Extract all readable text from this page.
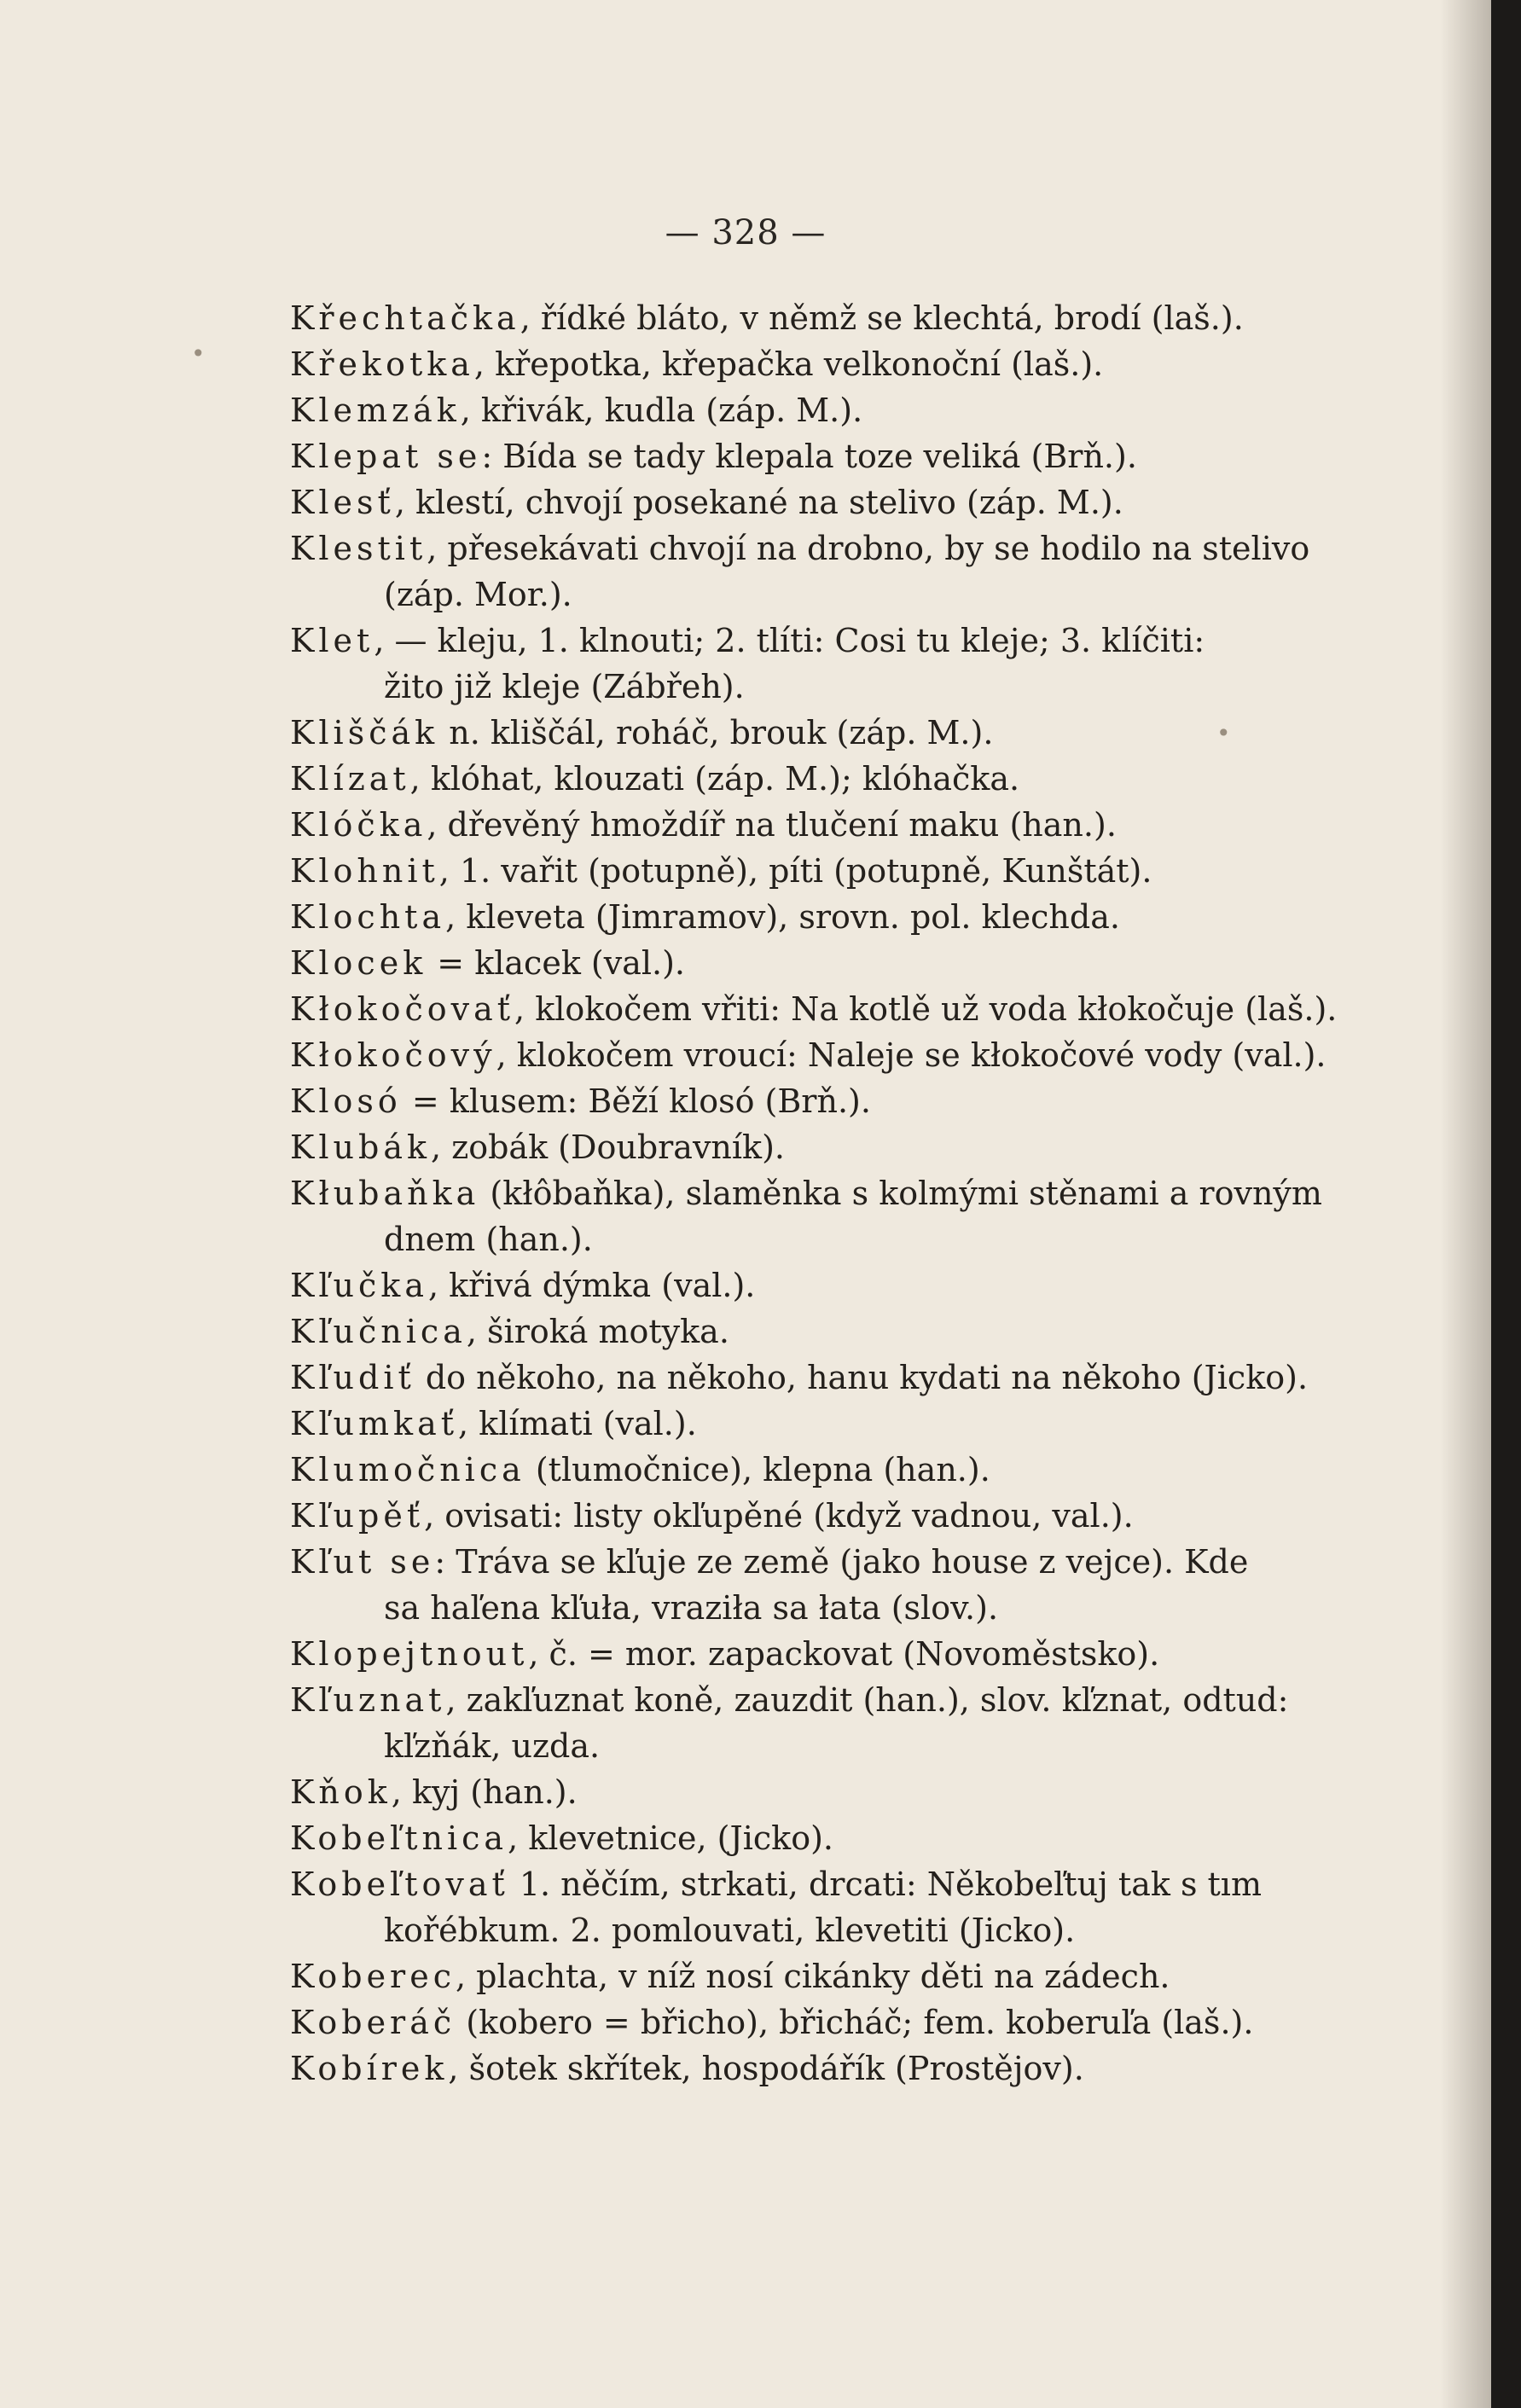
— 328 —
Křechtačka, řídké bláto, v němž se klechtá, brodí (laš.).
Křekotka, křepotka, křepačka velkonoční (laš.).
Klemzák, křivák, kudla (záp. M.).
Klepat se: Bída se tady klepala toze veliká (Brň.).
Klesť, klestí, chvojí posekané na stelivo (záp. M.).
Klestit, přesekávati chvojí na drobno, by se hodilo na stelivo
(záp. Mor.).
Klet, — kleju, 1. klnouti; 2. tlíti: Cosi tu kleje; 3. klíčiti:
žito již kleje (Zábřeh).
Kliščák n. kliščál, roháč, brouk (záp. M.).
Klízat, klóhat, klouzati (záp. M.); klóhačka.
Klóčka, dřevěný hmoždíř na tlučení maku (han.).
Klohnit, 1. vařit (potupně), píti (potupně, Kunštát).
Klochta, kleveta (Jimramov), srovn. pol. klechda.
Klocek = klacek (val.).
Kłokočovať, klokočem vřiti: Na kotlě už voda kłokočuje (laš.).
Kłokočový, klokočem vroucí: Naleje se kłokočové vody (val.).
Klosó = klusem: Běží klosó (Brň.).
Klubák, zobák (Doubravník).
Kłubaňka (kłôbaňka), slaměnka s kolmými stěnami a rovným
dnem (han.).
Kľučka, křivá dýmka (val.).
Kľučnica, široká motyka.
Kľudiť do někoho, na někoho, hanu kydati na někoho (Jicko).
Kľumkať, klímati (val.).
Klumočnica (tlumočnice), klepna (han.).
Kľupěť, ovisati: listy okľupěné (když vadnou, val.).
Kľut se: Tráva se kľuje ze země (jako house z vejce). Kde
sa haľena kľuła, vraziła sa łata (slov.).
Klopejtnout, č. = mor. zapackovat (Novoměstsko).
Kľuznat, zakľuznat koně, zauzdit (han.), slov. kľznat, odtud:
kľzňák, uzda.
Kňok, kyj (han.).
Kobeľtnica, klevetnice, (Jicko).
Kobeľtovať 1. něčím, strkati, drcati: Někobeľtuj tak s tım
kořébkum. 2. pomlouvati, klevetiti (Jicko).
Koberec, plachta, v níž nosí cikánky děti na zádech.
Koberáč (kobero = břicho), břicháč; fem. koberuľa (laš.).
Kobírek, šotek skřítek, hospodářík (Prostějov).
•
•
